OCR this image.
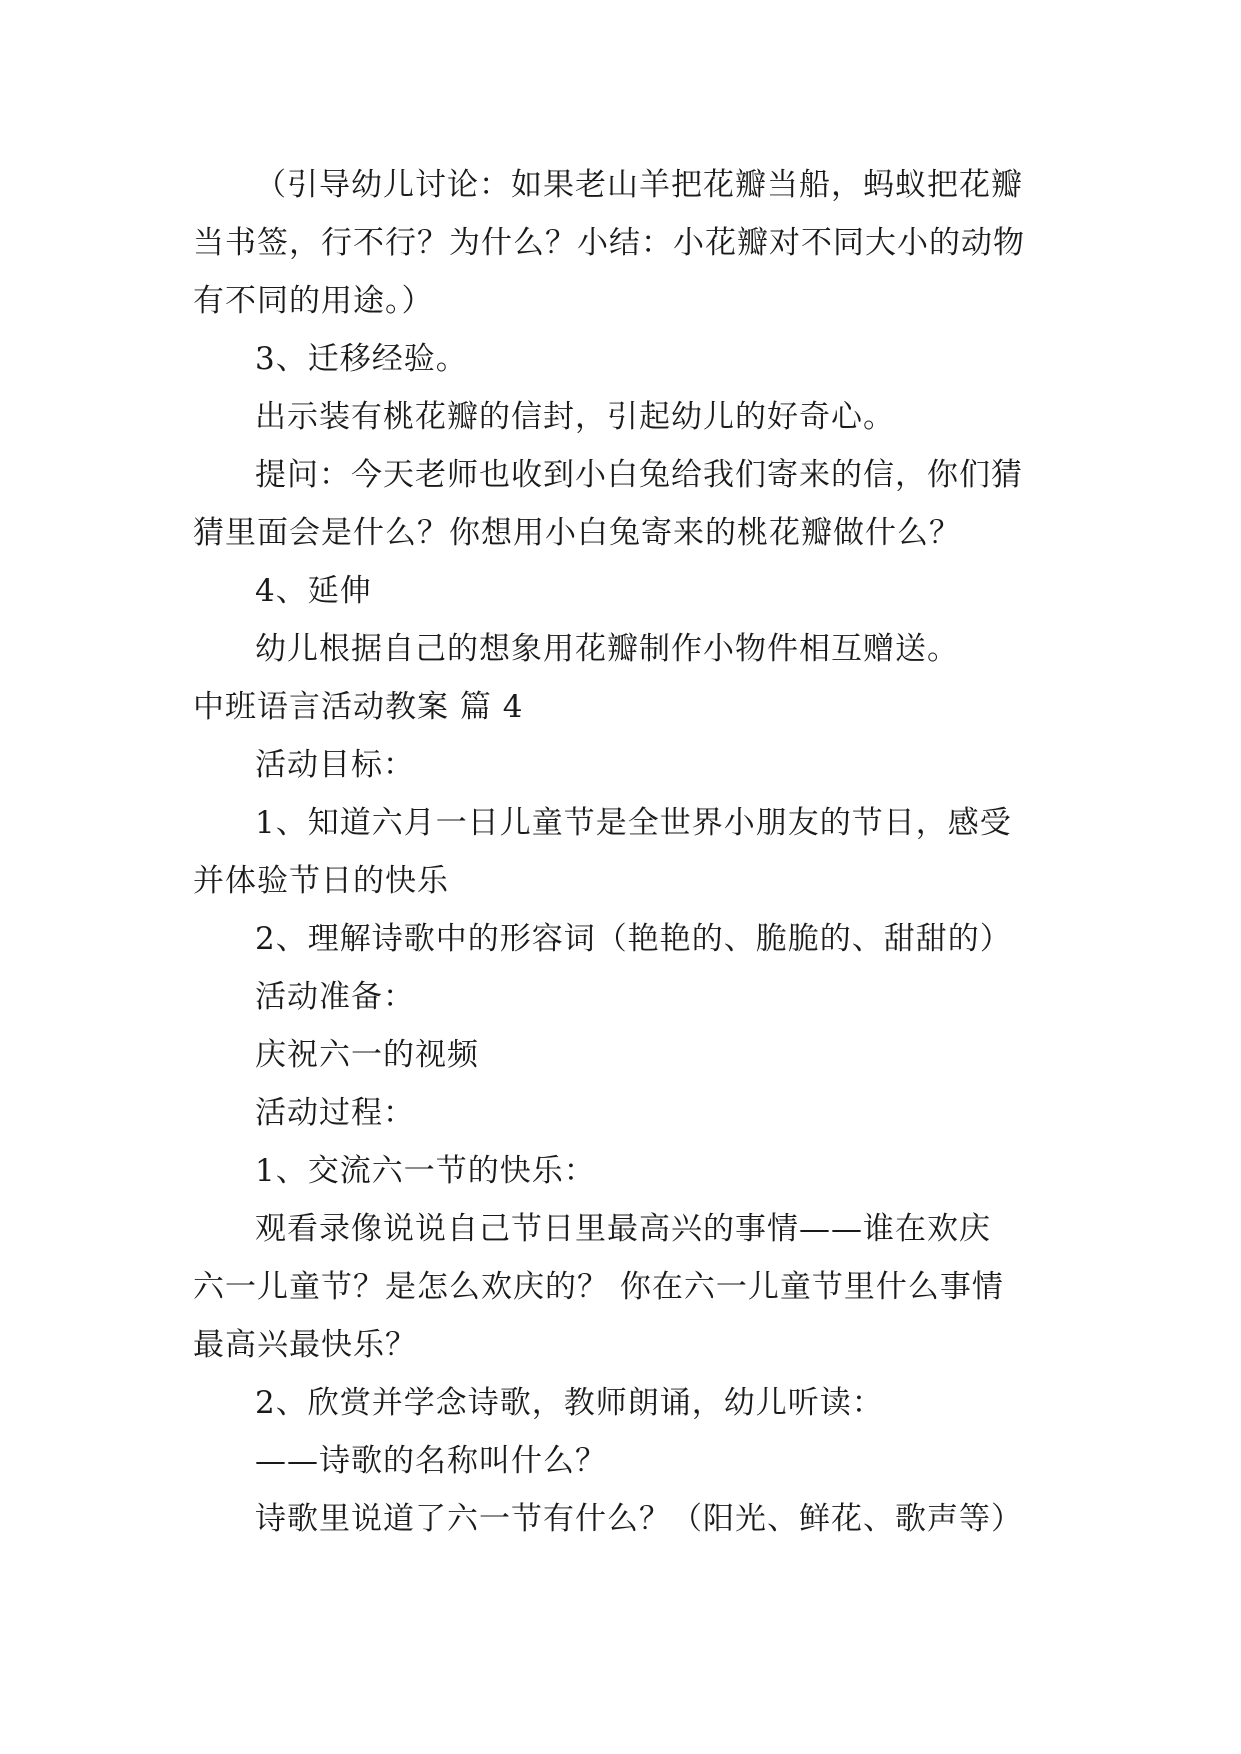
（引导幼儿讨论：如果老山羊把花瓣当船，蚂蚁把花瓣

当书签，行不行？为什么？小结：小花瓣对不同大小的动物

有不同的用途。）

3、迁移经验。

出示装有桃花瓣的信封，引起幼儿的好奇心。

提问：今天老师也收到小白兔给我们寄来的信，你们猜

猜里面会是什么？你想用小白兔寄来的桃花瓣做什么？

4、延伸

幼儿根据自己的想象用花瓣制作小物件相互赠送。

中班语言活动教案 篇 4

活动目标：

1、知道六月一日儿童节是全世界小朋友的节日，感受

并体验节日的快乐

2、理解诗歌中的形容词（艳艳的、脆脆的、甜甜的）

活动准备：

庆祝六一的视频

活动过程：

1、交流六一节的快乐：

观看录像说说自己节日里最高兴的事情——谁在欢庆

六一儿童节？是怎么欢庆的？ 你在六一儿童节里什么事情

最高兴最快乐？

2、欣赏并学念诗歌，教师朗诵，幼儿听读：

——诗歌的名称叫什么？

诗歌里说道了六一节有什么？（阳光、鲜花、歌声等）
